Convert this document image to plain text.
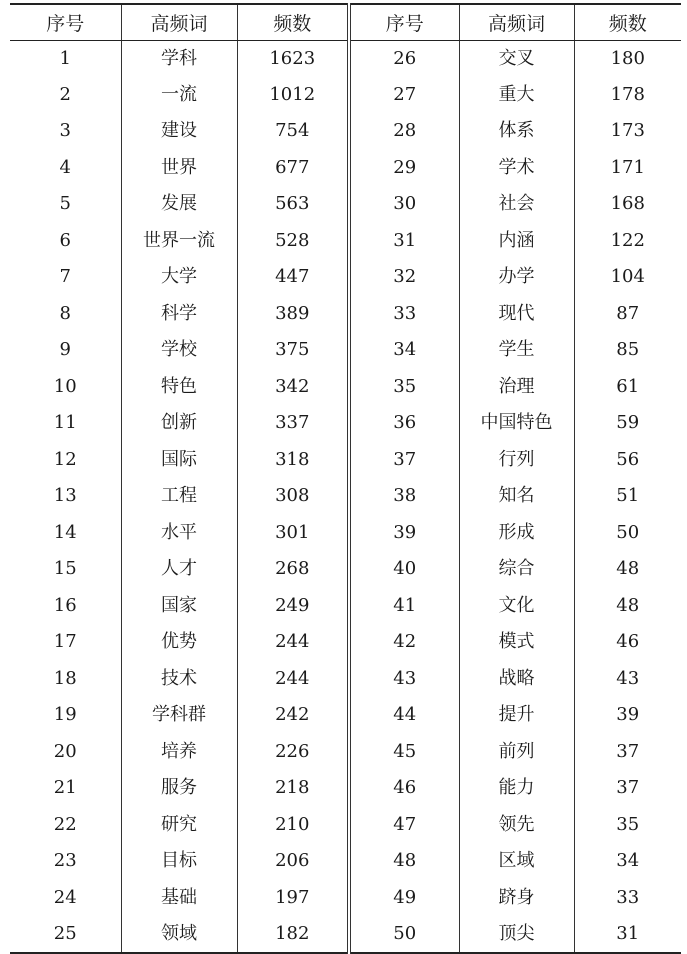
序号	高频词	频数	序号	高频词	频数
1	学科	1623	26	交叉	180
2	一流	1012	27	重大	178
3	建设	754	28	体系	173
4	世界	677	29	学术	171
5	发展	563	30	社会	168
6	世界一流	528	31	内涵	122
7	大学	447	32	办学	104
8	科学	389	33	现代	87
9	学校	375	34	学生	85
10	特色	342	35	治理	61
11	创新	337	36	中国特色	59
12	国际	318	37	行列	56
13	工程	308	38	知名	51
14	水平	301	39	形成	50
15	人才	268	40	综合	48
16	国家	249	41	文化	48
17	优势	244	42	模式	46
18	技术	244	43	战略	43
19	学科群	242	44	提升	39
20	培养	226	45	前列	37
21	服务	218	46	能力	37
22	研究	210	47	领先	35
23	目标	206	48	区域	34
24	基础	197	49	跻身	33
25	领域	182	50	顶尖	31
